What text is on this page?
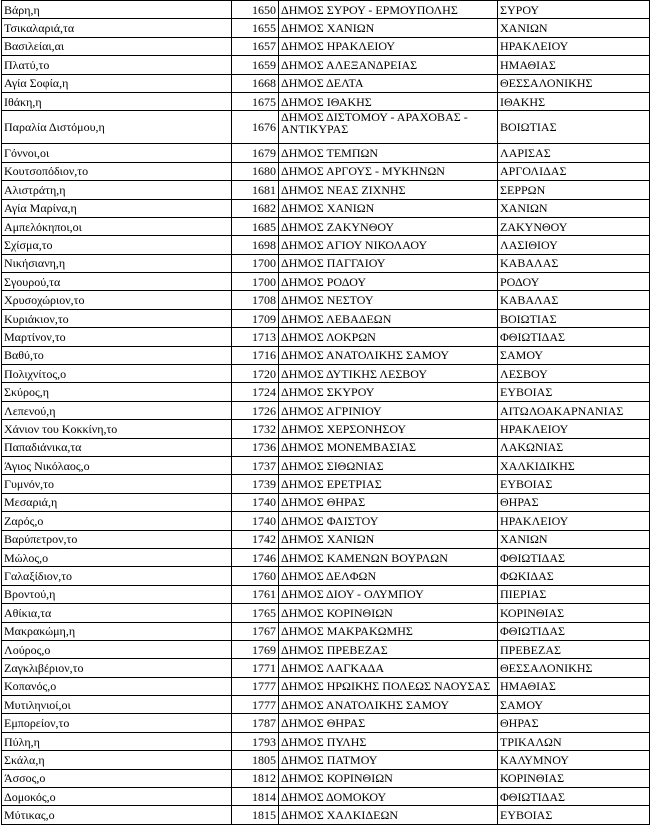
Βάρη,η	1650	ΔΗΜΟΣ ΣΥΡΟΥ - ΕΡΜΟΥΠΟΛΗΣ	ΣΥΡΟΥ
Τσικαλαριά,τα	1655	ΔΗΜΟΣ ΧΑΝΙΩΝ	ΧΑΝΙΩΝ
Βασιλείαι,αι	1657	ΔΗΜΟΣ ΗΡΑΚΛΕΙΟΥ	ΗΡΑΚΛΕΙΟΥ
Πλατύ,το	1659	ΔΗΜΟΣ ΑΛΕΞΑΝΔΡΕΙΑΣ	ΗΜΑΘΙΑΣ
Αγία Σοφία,η	1668	ΔΗΜΟΣ ΔΕΛΤΑ	ΘΕΣΣΑΛΟΝΙΚΗΣ
Ιθάκη,η	1675	ΔΗΜΟΣ ΙΘΑΚΗΣ	ΙΘΑΚΗΣ
Παραλία Διστόμου,η	1676	ΔΗΜΟΣ ΔΙΣΤΟΜΟΥ - ΑΡΑΧΟΒΑΣ - ΑΝΤΙΚΥΡΑΣ	ΒΟΙΩΤΙΑΣ
Γόννοι,οι	1679	ΔΗΜΟΣ ΤΕΜΠΩΝ	ΛΑΡΙΣΑΣ
Κουτσοπόδιον,το	1680	ΔΗΜΟΣ ΑΡΓΟΥΣ - ΜΥΚΗΝΩΝ	ΑΡΓΟΛΙΔΑΣ
Αλιστράτη,η	1681	ΔΗΜΟΣ ΝΕΑΣ ΖΙΧΝΗΣ	ΣΕΡΡΩΝ
Αγία Μαρίνα,η	1682	ΔΗΜΟΣ ΧΑΝΙΩΝ	ΧΑΝΙΩΝ
Αμπελόκηποι,οι	1685	ΔΗΜΟΣ ΖΑΚΥΝΘΟΥ	ΖΑΚΥΝΘΟΥ
Σχίσμα,το	1698	ΔΗΜΟΣ ΑΓΙΟΥ ΝΙΚΟΛΑΟΥ	ΛΑΣΙΘΙΟΥ
Νικήσιανη,η	1700	ΔΗΜΟΣ ΠΑΓΓΑΙΟΥ	ΚΑΒΑΛΑΣ
Σγουρού,τα	1700	ΔΗΜΟΣ ΡΟΔΟΥ	ΡΟΔΟΥ
Χρυσοχώριον,το	1708	ΔΗΜΟΣ ΝΕΣΤΟΥ	ΚΑΒΑΛΑΣ
Κυριάκιον,το	1709	ΔΗΜΟΣ ΛΕΒΑΔΕΩΝ	ΒΟΙΩΤΙΑΣ
Μαρτίνον,το	1713	ΔΗΜΟΣ ΛΟΚΡΩΝ	ΦΘΙΩΤΙΔΑΣ
Βαθύ,το	1716	ΔΗΜΟΣ ΑΝΑΤΟΛΙΚΗΣ ΣΑΜΟΥ	ΣΑΜΟΥ
Πολιχνίτος,ο	1720	ΔΗΜΟΣ ΔΥΤΙΚΗΣ ΛΕΣΒΟΥ	ΛΕΣΒΟΥ
Σκύρος,η	1724	ΔΗΜΟΣ ΣΚΥΡΟΥ	ΕΥΒΟΙΑΣ
Λεπενού,η	1726	ΔΗΜΟΣ ΑΓΡΙΝΙΟΥ	ΑΙΤΩΛΟΑΚΑΡΝΑΝΙΑΣ
Χάνιον του Κοκκίνη,το	1732	ΔΗΜΟΣ ΧΕΡΣΟΝΗΣΟΥ	ΗΡΑΚΛΕΙΟΥ
Παπαδιάνικα,τα	1736	ΔΗΜΟΣ ΜΟΝΕΜΒΑΣΙΑΣ	ΛΑΚΩΝΙΑΣ
Άγιος Νικόλαος,ο	1737	ΔΗΜΟΣ ΣΙΘΩΝΙΑΣ	ΧΑΛΚΙΔΙΚΗΣ
Γυμνόν,το	1739	ΔΗΜΟΣ ΕΡΕΤΡΙΑΣ	ΕΥΒΟΙΑΣ
Μεσαριά,η	1740	ΔΗΜΟΣ ΘΗΡΑΣ	ΘΗΡΑΣ
Ζαρός,ο	1740	ΔΗΜΟΣ ΦΑΙΣΤΟΥ	ΗΡΑΚΛΕΙΟΥ
Βαρύπετρον,το	1742	ΔΗΜΟΣ ΧΑΝΙΩΝ	ΧΑΝΙΩΝ
Μώλος,ο	1746	ΔΗΜΟΣ ΚΑΜΕΝΩΝ ΒΟΥΡΛΩΝ	ΦΘΙΩΤΙΔΑΣ
Γαλαξίδιον,το	1760	ΔΗΜΟΣ ΔΕΛΦΩΝ	ΦΩΚΙΔΑΣ
Βροντού,η	1761	ΔΗΜΟΣ ΔΙΟΥ - ΟΛΥΜΠΟΥ	ΠΙΕΡΙΑΣ
Αθίκια,τα	1765	ΔΗΜΟΣ ΚΟΡΙΝΘΙΩΝ	ΚΟΡΙΝΘΙΑΣ
Μακρακώμη,η	1767	ΔΗΜΟΣ ΜΑΚΡΑΚΩΜΗΣ	ΦΘΙΩΤΙΔΑΣ
Λούρος,ο	1769	ΔΗΜΟΣ ΠΡΕΒΕΖΑΣ	ΠΡΕΒΕΖΑΣ
Ζαγκλιβέριον,το	1771	ΔΗΜΟΣ ΛΑΓΚΑΔΑ	ΘΕΣΣΑΛΟΝΙΚΗΣ
Κοπανός,ο	1777	ΔΗΜΟΣ ΗΡΩΙΚΗΣ ΠΟΛΕΩΣ ΝΑΟΥΣΑΣ	ΗΜΑΘΙΑΣ
Μυτιληνιοί,οι	1777	ΔΗΜΟΣ ΑΝΑΤΟΛΙΚΗΣ ΣΑΜΟΥ	ΣΑΜΟΥ
Εμπορείον,το	1787	ΔΗΜΟΣ ΘΗΡΑΣ	ΘΗΡΑΣ
Πύλη,η	1793	ΔΗΜΟΣ ΠΥΛΗΣ	ΤΡΙΚΑΛΩΝ
Σκάλα,η	1805	ΔΗΜΟΣ ΠΑΤΜΟΥ	ΚΑΛΥΜΝΟΥ
Άσσος,ο	1812	ΔΗΜΟΣ ΚΟΡΙΝΘΙΩΝ	ΚΟΡΙΝΘΙΑΣ
Δομοκός,ο	1814	ΔΗΜΟΣ ΔΟΜΟΚΟΥ	ΦΘΙΩΤΙΔΑΣ
Μύτικας,ο	1815	ΔΗΜΟΣ ΧΑΛΚΙΔΕΩΝ	ΕΥΒΟΙΑΣ
